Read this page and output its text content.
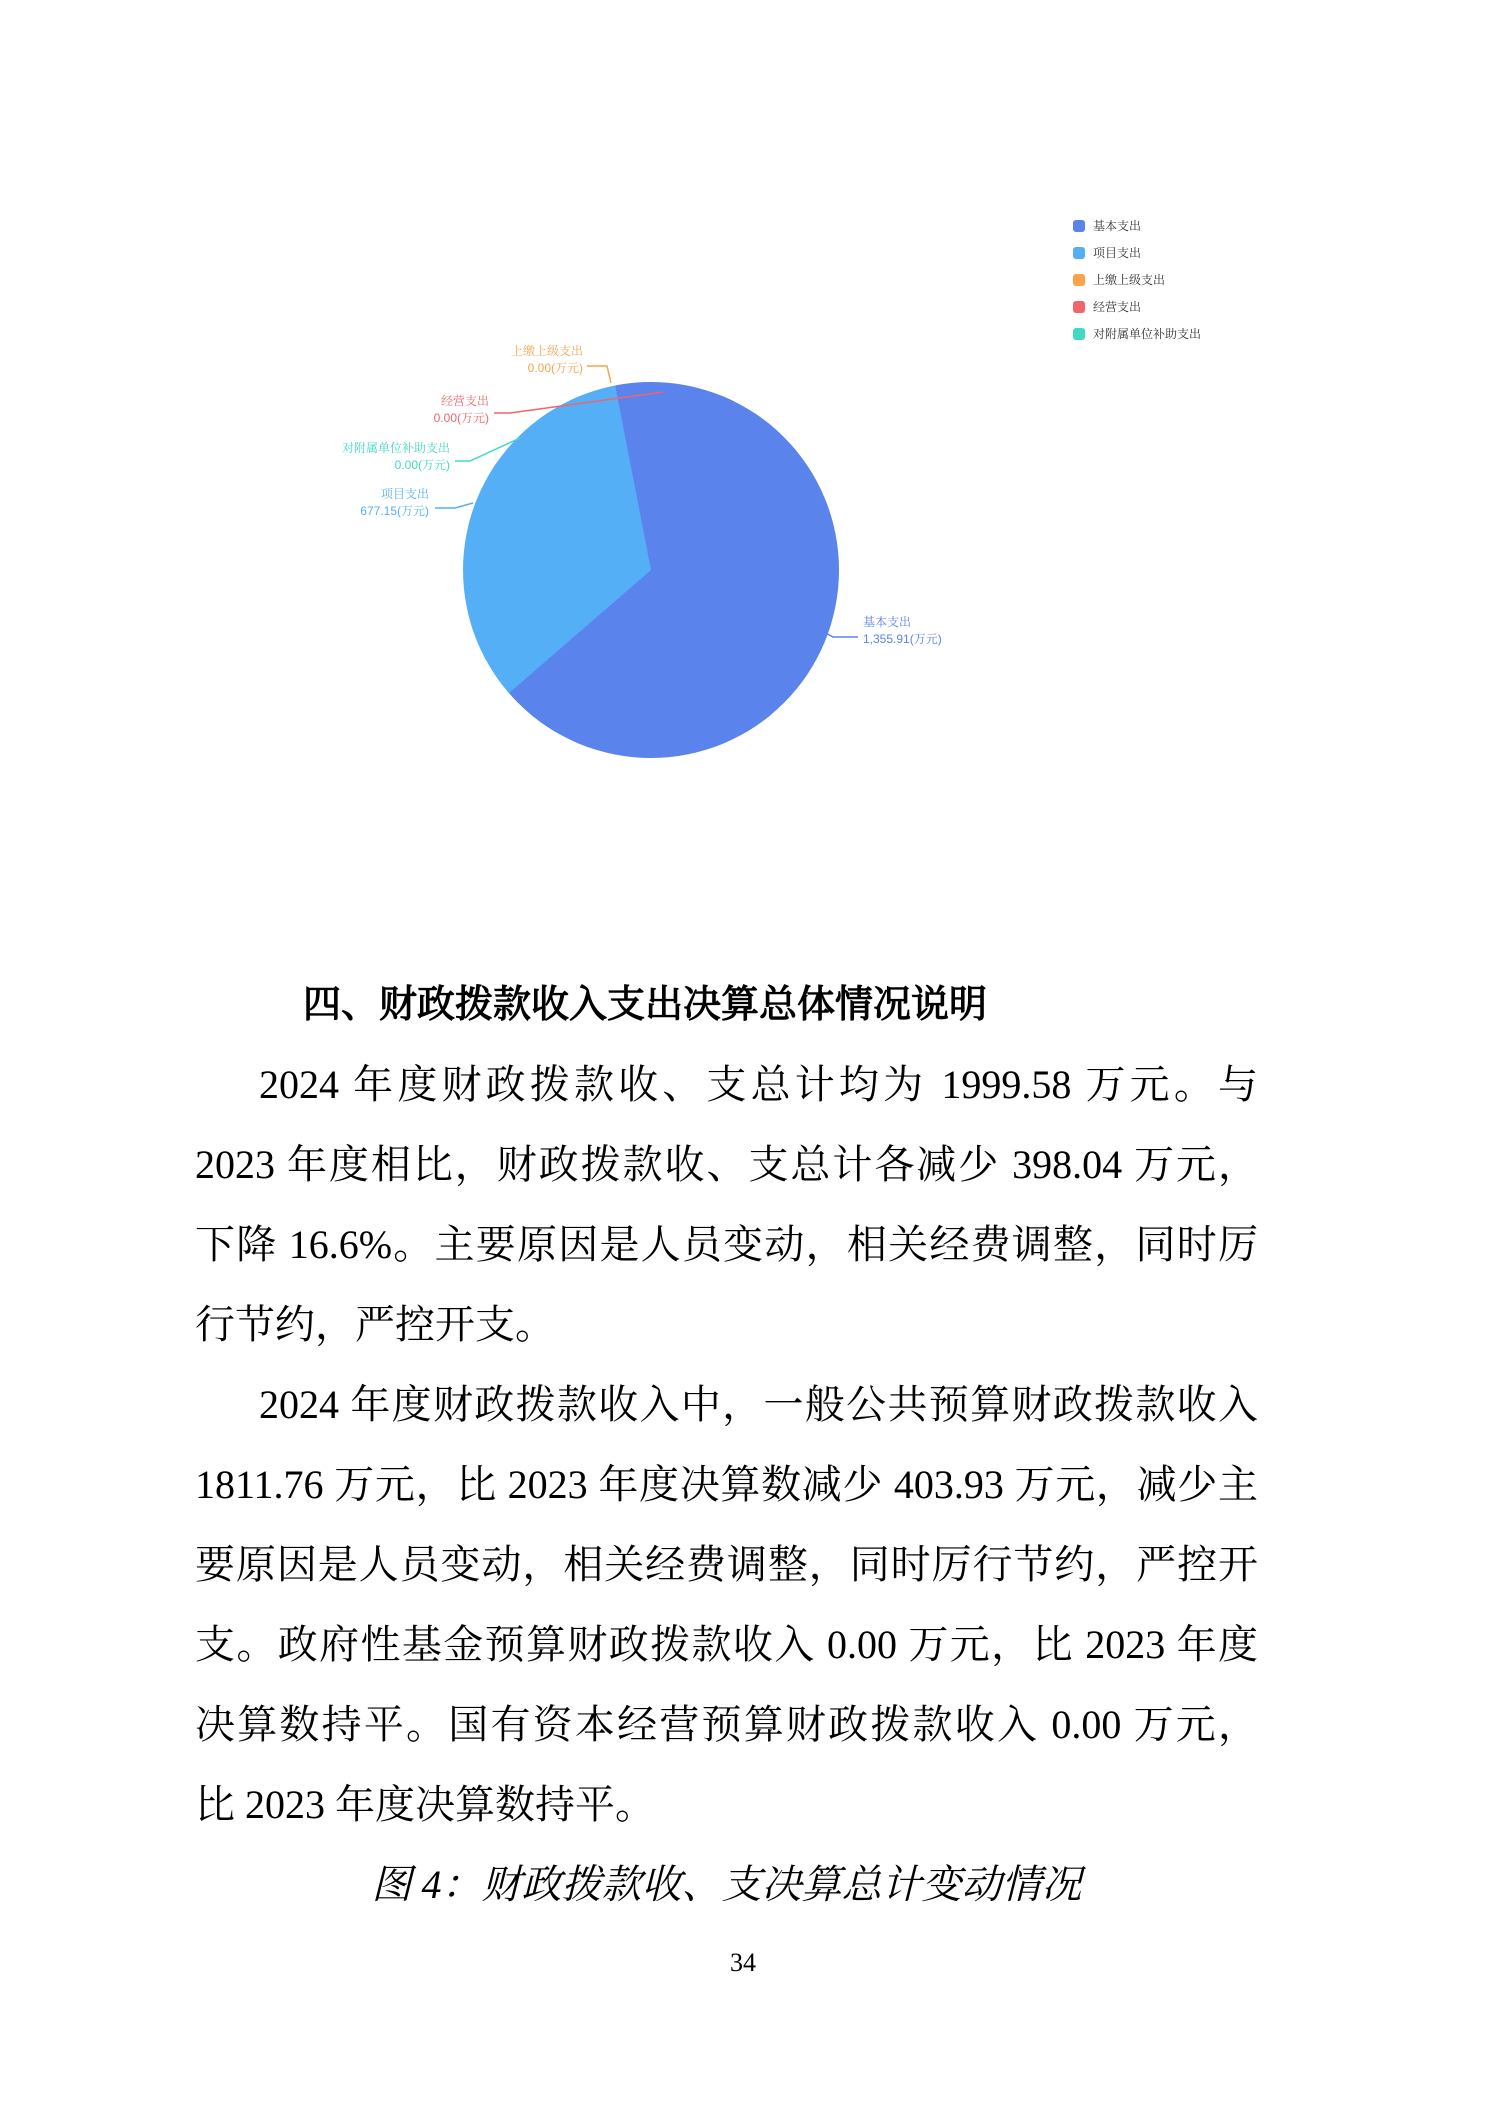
基本支出
1,355.91(万元)
项目支出
677.15(万元)
上缴上级支出
0.00(万元)
经营支出
0.00(万元)
对附属单位补助支出
0.00(万元)
基本支出
项目支出
上缴上级支出
经营支出
对附属单位补助支出
四、财政拨款收入支出决算总体情况说明
2024 年度财政拨款收、支总计均为 1999.58 万元。与
2023 年度相比，财政拨款收、支总计各减少 398.04 万元，
下降 16.6%。主要原因是人员变动，相关经费调整，同时厉
行节约，严控开支。
2024 年度财政拨款收入中，一般公共预算财政拨款收入
1811.76 万元，比 2023 年度决算数减少 403.93 万元，减少主
要原因是人员变动，相关经费调整，同时厉行节约，严控开
支。政府性基金预算财政拨款收入 0.00 万元，比 2023 年度
决算数持平。国有资本经营预算财政拨款收入 0.00 万元，
比 2023 年度决算数持平。
图 4：财政拨款收、支决算总计变动情况
34
